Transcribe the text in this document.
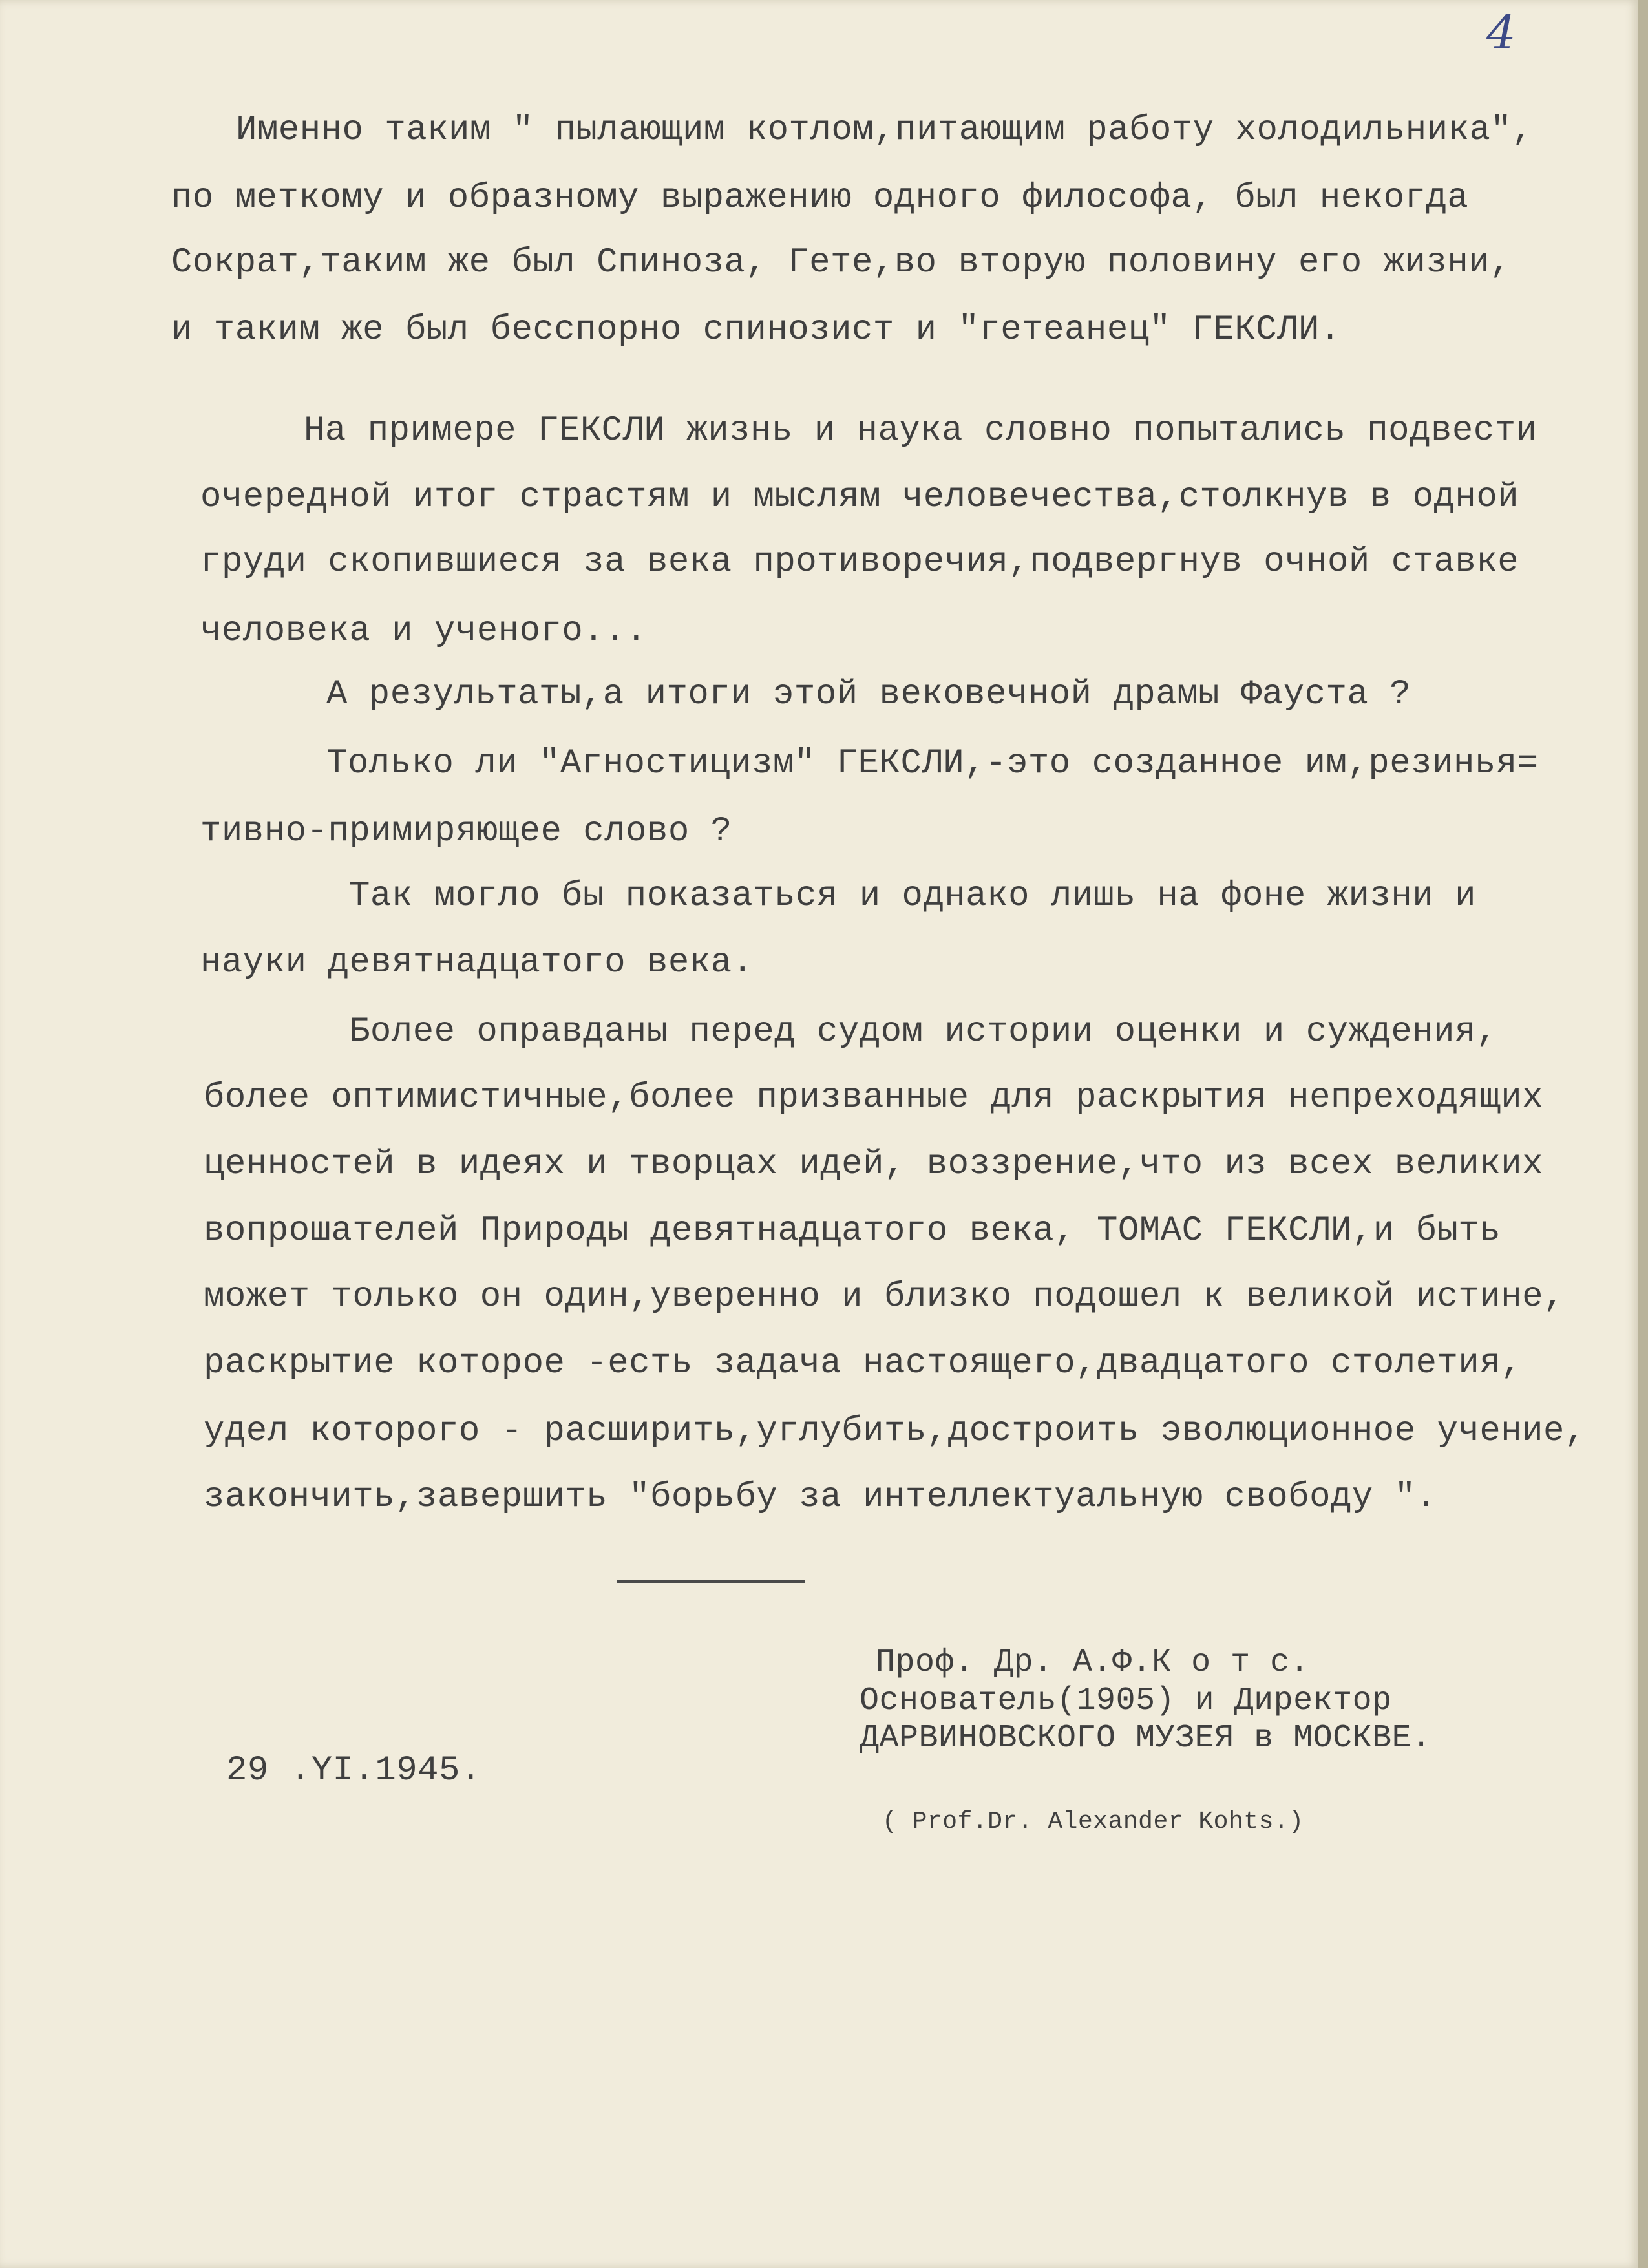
4
Именно таким " пылающим котлом,питающим работу холодильника",
по меткому и образному выражению одного философа, был некогда
Сократ,таким же был Спиноза, Гете,во вторую половину его жизни,
и таким же был бесспорно спинозист и "гетеанец" ГЕКСЛИ.
На примере ГЕКСЛИ жизнь и наука словно попытались подвести
очередной итог страстям и мыслям человечества,столкнув в одной
груди скопившиеся за века противоречия,подвергнув очной ставке
человека и ученого...
А результаты,а итоги этой вековечной драмы Фауста ?
Только ли "Агностицизм" ГЕКСЛИ,-это созданное им,резинья=
тивно-примиряющее слово ?
Так могло бы показаться и однако лишь на фоне жизни и
науки девятнадцатого века.
Более оправданы перед судом истории оценки и суждения,
более оптимистичные,более призванные для раскрытия непреходящих
ценностей в идеях и творцах идей, воззрение,что из всех великих
вопрошателей Природы девятнадцатого века, ТОМАС ГЕКСЛИ,и быть
может только он один,уверенно и близко подошел к великой истине,
раскрытие которое -есть задача настоящего,двадцатого столетия,
удел которого - расширить,углубить,достроить эволюционное учение,
закончить,завершить "борьбу за интеллектуальную свободу ".
Проф. Др. А.Ф.К о т с.
Основатель(1905) и Директор
ДАРВИНОВСКОГО МУЗЕЯ в МОСКВЕ.
29 .YI.1945.
( Prof.Dr. Alexander Kohts.)
